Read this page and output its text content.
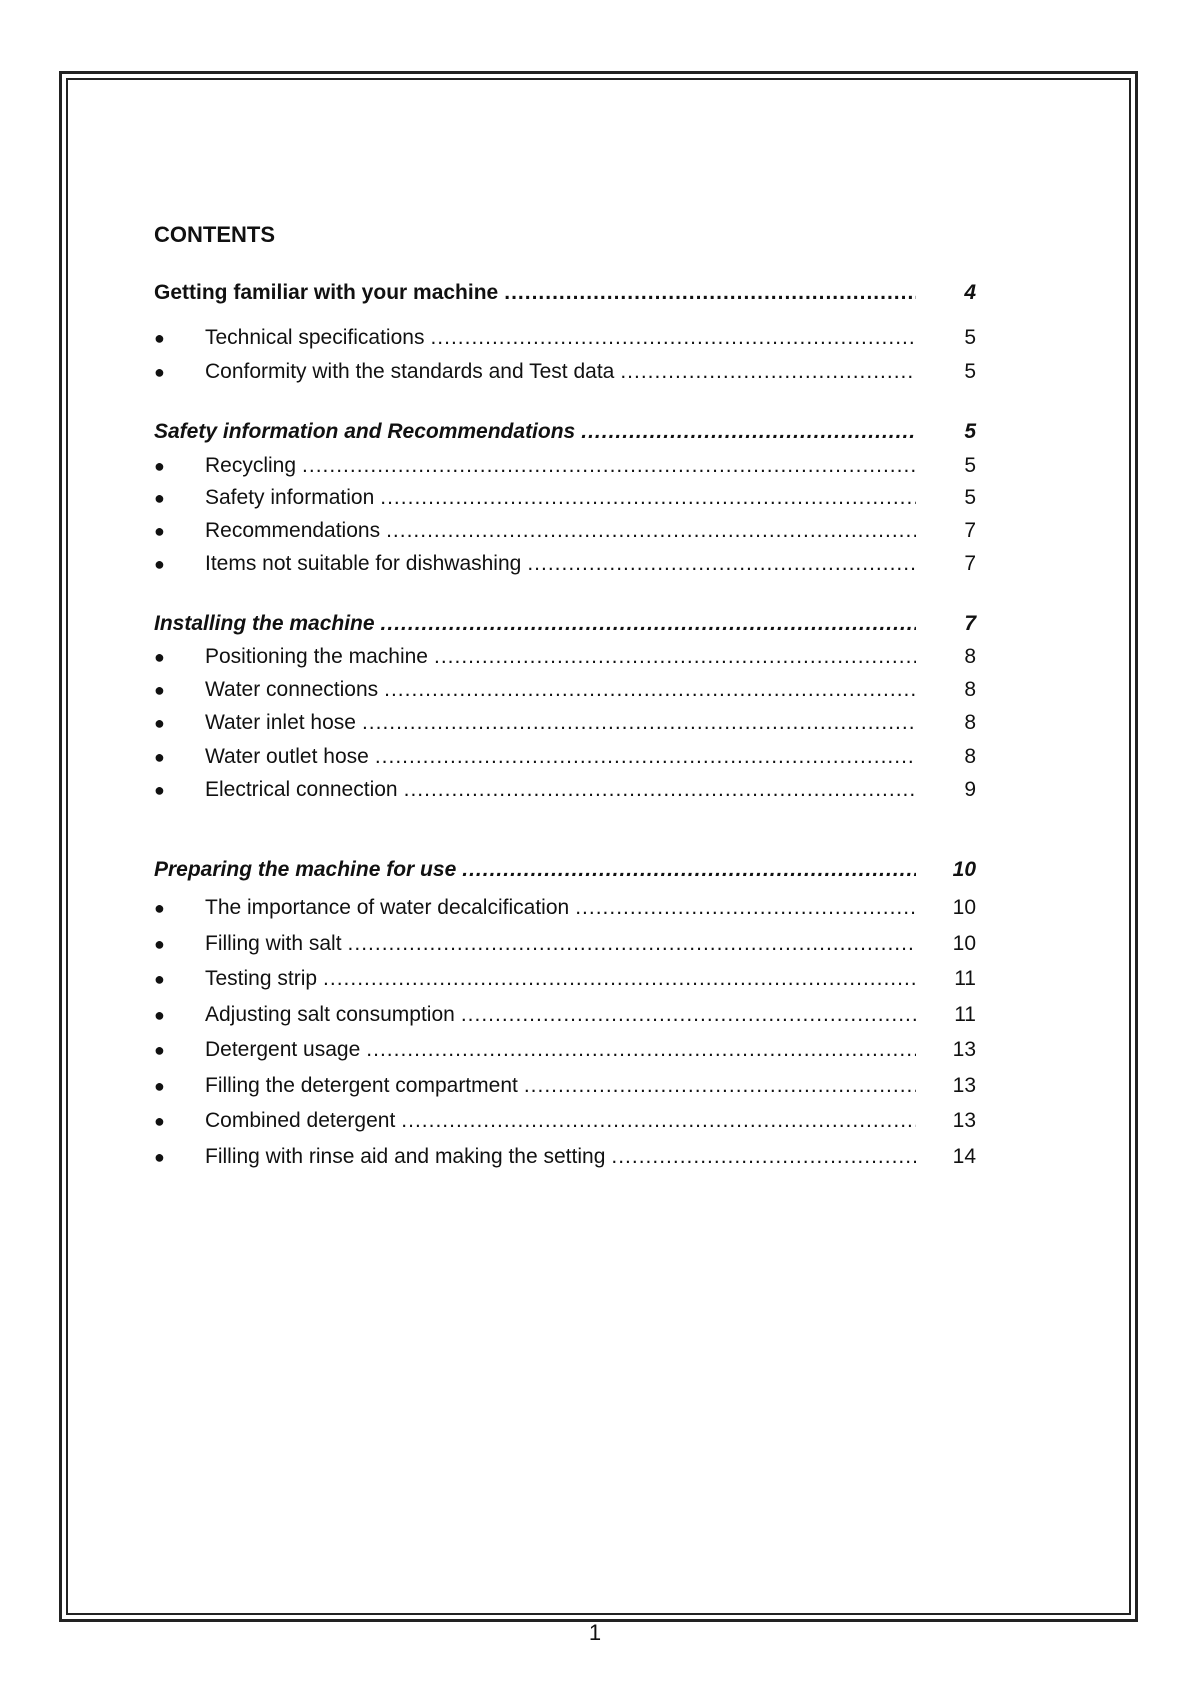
CONTENTS
Getting familiar with your machine .....	4
●	Technical specifications .....	5
●	Conformity with the standards and Test data .....	5
Safety information and Recommendations .....	5
●	Recycling .....	5
●	Safety information .....	5
●	Recommendations .....	7
●	Items not suitable for dishwashing .....	7
Installing the machine .....	7
●	Positioning the machine .....	8
●	Water connections .....	8
●	Water inlet hose .....	8
●	Water outlet hose .....	8
●	Electrical connection .....	9
Preparing the machine for use .....	10
●	The importance of water decalcification .....	10
●	Filling with salt .....	10
●	Testing strip .....	11
●	Adjusting salt consumption .....	11
●	Detergent usage .....	13
●	Filling the detergent compartment .....	13
●	Combined detergent .....	13
●	Filling with rinse aid and making the setting .....	14
1
